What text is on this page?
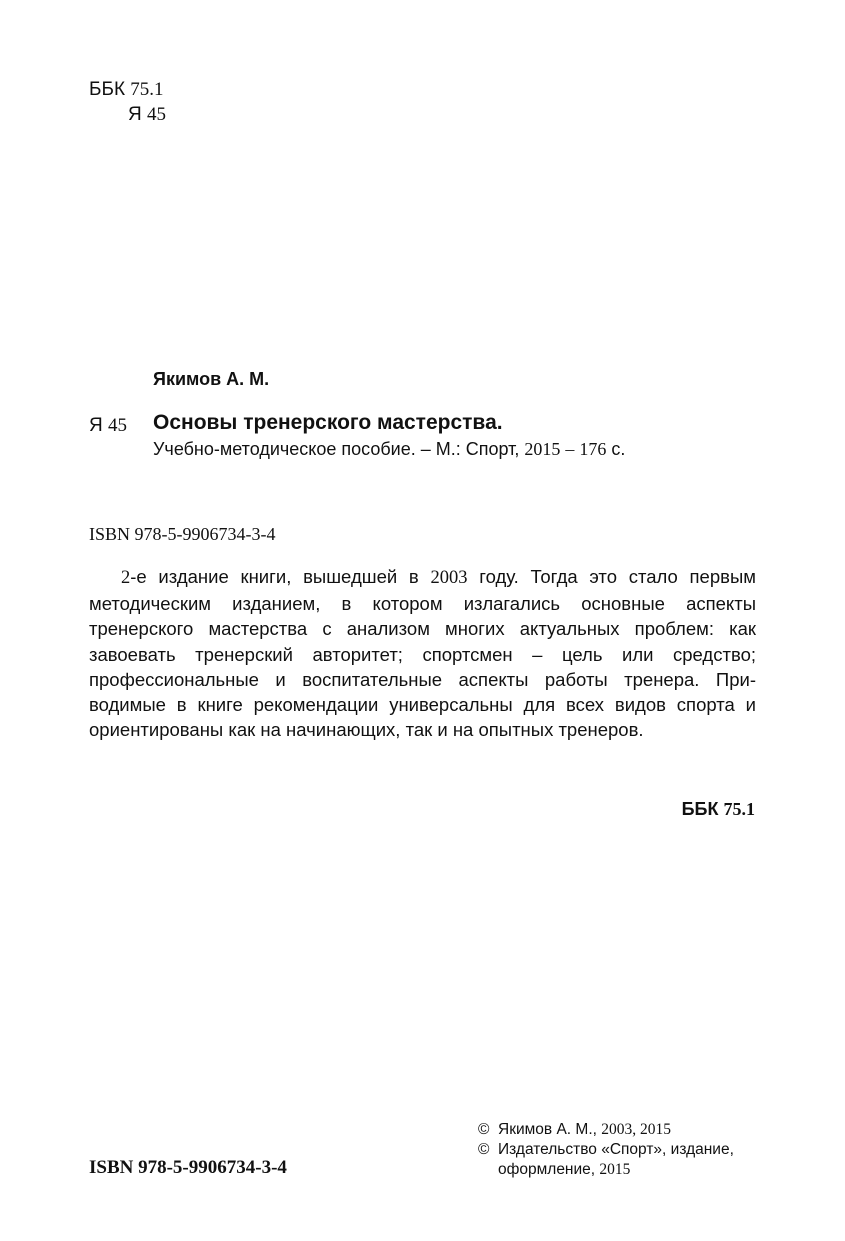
ББК 75.1
Я 45
Якимов А. М.
Я 45 Основы тренерского мастерства.
Учебно-методическое пособие. – М.: Спорт, 2015 – 176 с.
ISBN 978-5-9906734-3-4
2-е издание книги, вышедшей в 2003 году. Тогда это стало первым методическим изданием, в котором излагались основные аспекты тренерского мастерства с анализом многих актуальных проблем: как завоевать тренерский авторитет; спортсмен – цель или средство; профессиональные и воспитательные аспекты работы тренера. Приводимые в книге рекомендации универсальны для всех видов спорта и ориентированы как на начинающих, так и на опытных тренеров.
ББК 75.1
ISBN 978-5-9906734-3-4
© Якимов А. М., 2003, 2015
© Издательство «Спорт», издание, оформление, 2015
